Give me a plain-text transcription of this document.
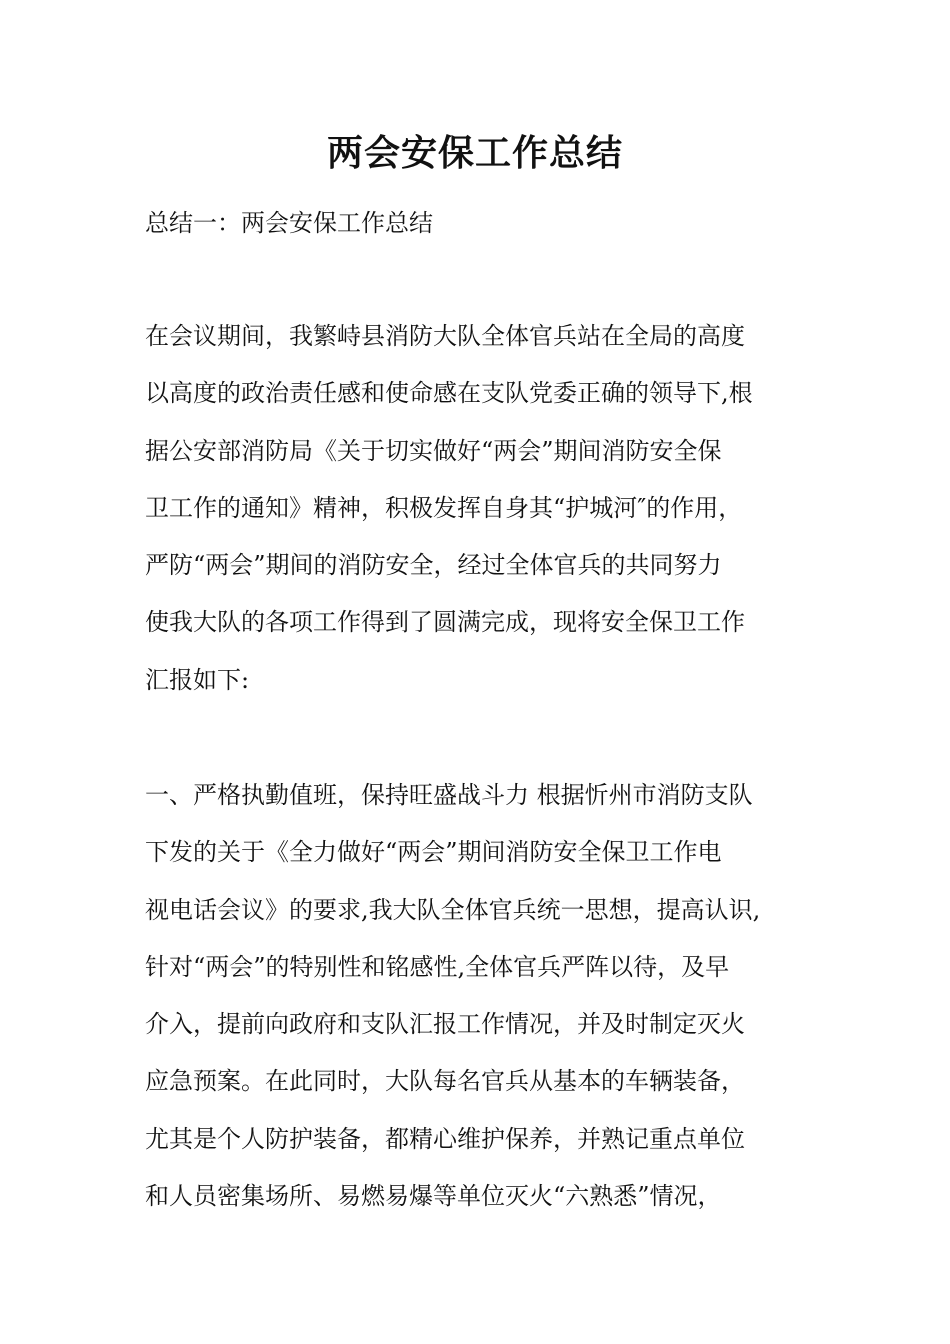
两会安保工作总结

总结一：两会安保工作总结

在会议期间，我繁峙县消防大队全体官兵站在全局的高度
以高度的政治责任感和使命感在支队党委正确的领导下,根
据公安部消防局《关于切实做好“两会”期间消防安全保
卫工作的通知》精神，积极发挥自身其“护城河″的作用，
严防“两会”期间的消防安全，经过全体官兵的共同努力
使我大队的各项工作得到了圆满完成，现将安全保卫工作
汇报如下:
一、严格执勤值班，保持旺盛战斗力 根据忻州市消防支队
下发的关于《全力做好“两会”期间消防安全保卫工作电
视电话会议》的要求,我大队全体官兵统一思想，提高认识,
针对“两会”的特别性和铭感性,全体官兵严阵以待，及早
介入，提前向政府和支队汇报工作情况，并及时制定灭火
应急预案。在此同时，大队每名官兵从基本的车辆装备，
尤其是个人防护装备，都精心维护保养，并熟记重点单位
和人员密集场所、易燃易爆等单位灭火“六熟悉”情况，
